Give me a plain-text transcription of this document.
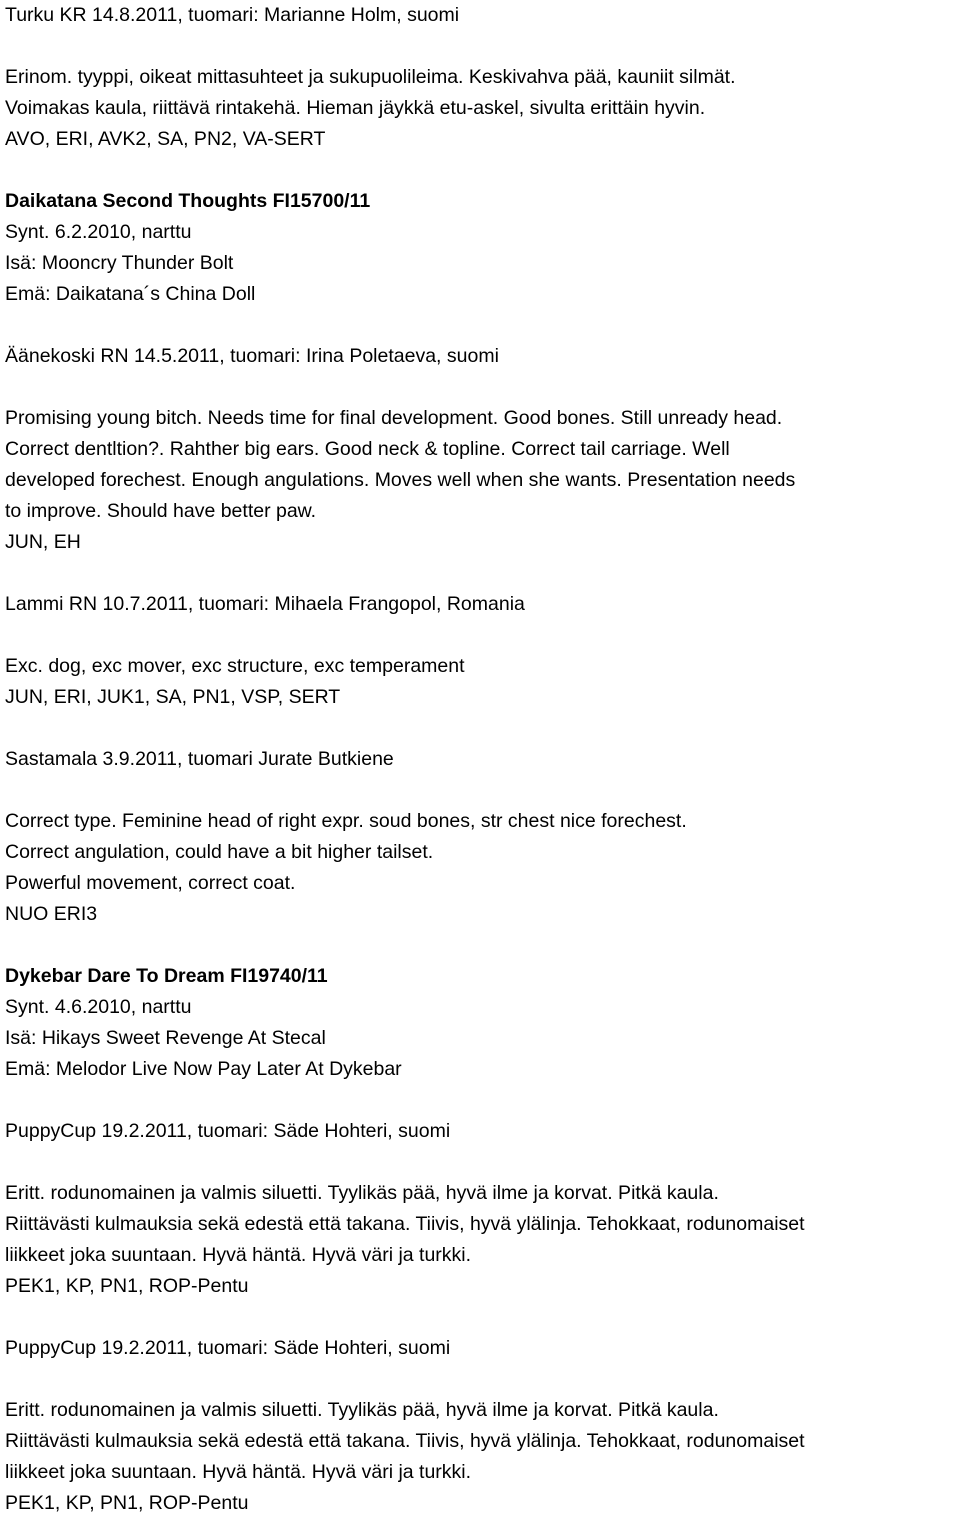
Turku KR 14.8.2011, tuomari: Marianne Holm, suomi
Erinom. tyyppi, oikeat mittasuhteet ja sukupuolileima. Keskivahva pää, kauniit silmät.
Voimakas kaula, riittävä rintakehä. Hieman jäykkä etu-askel, sivulta erittäin hyvin.
AVO, ERI, AVK2, SA, PN2, VA-SERT
Daikatana Second Thoughts FI15700/11
Synt. 6.2.2010, narttu
Isä: Mooncry Thunder Bolt
Emä: Daikatana´s China Doll
Äänekoski RN 14.5.2011, tuomari: Irina Poletaeva, suomi
Promising young bitch. Needs time for final development. Good bones. Still unready head.
Correct dentltion?. Rahther big ears. Good neck & topline. Correct tail carriage. Well
developed forechest. Enough angulations. Moves well when she wants. Presentation needs
to improve. Should have better paw.
JUN, EH
Lammi RN 10.7.2011, tuomari: Mihaela Frangopol, Romania
Exc. dog, exc mover, exc structure, exc temperament
JUN, ERI, JUK1, SA, PN1, VSP, SERT
Sastamala 3.9.2011, tuomari Jurate Butkiene
Correct type. Feminine head of right expr. soud bones, str chest nice forechest.
Correct angulation, could have a bit higher tailset.
Powerful movement, correct coat.
NUO ERI3
Dykebar Dare To Dream FI19740/11
Synt. 4.6.2010, narttu
Isä: Hikays Sweet Revenge At Stecal
Emä: Melodor Live Now Pay Later At Dykebar
PuppyCup 19.2.2011, tuomari: Säde Hohteri, suomi
Eritt. rodunomainen ja valmis siluetti. Tyylikäs pää, hyvä ilme ja korvat. Pitkä kaula.
Riittävästi kulmauksia sekä edestä että takana. Tiivis, hyvä ylälinja. Tehokkaat, rodunomaiset
liikkeet joka suuntaan. Hyvä häntä. Hyvä väri ja turkki.
PEK1, KP, PN1, ROP-Pentu
PuppyCup 19.2.2011, tuomari: Säde Hohteri, suomi
Eritt. rodunomainen ja valmis siluetti. Tyylikäs pää, hyvä ilme ja korvat. Pitkä kaula.
Riittävästi kulmauksia sekä edestä että takana. Tiivis, hyvä ylälinja. Tehokkaat, rodunomaiset
liikkeet joka suuntaan. Hyvä häntä. Hyvä väri ja turkki.
PEK1, KP, PN1, ROP-Pentu
